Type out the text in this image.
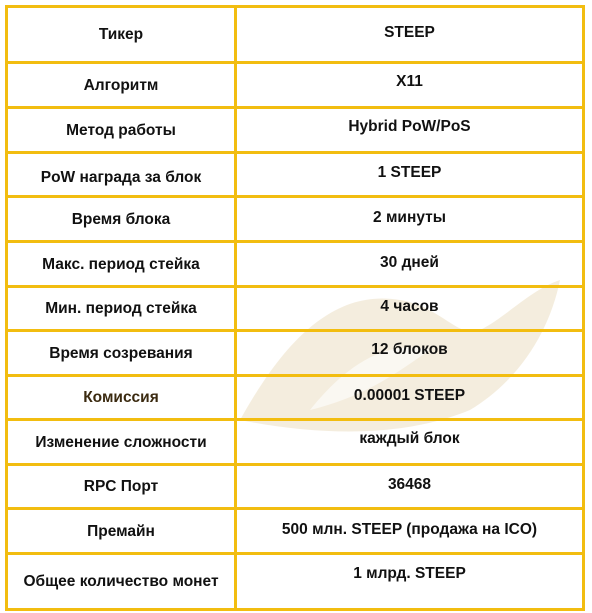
Тикер	STEEP

Алгоритм	X11

Метод работы	Hybrid PoW/PoS

PoW награда за блок	1 STEEP

Время блока	2 минуты

Макс. период стейка	30 дней

Мин. период стейка	4 часов

Время созревания	12 блоков

Комиссия	0.00001 STEEP

Изменение сложности	каждый блок

RPC Порт	36468

Премайн	500 млн. STEEP (продажа на ICO)

Общее количество монет	1 млрд. STEEP
